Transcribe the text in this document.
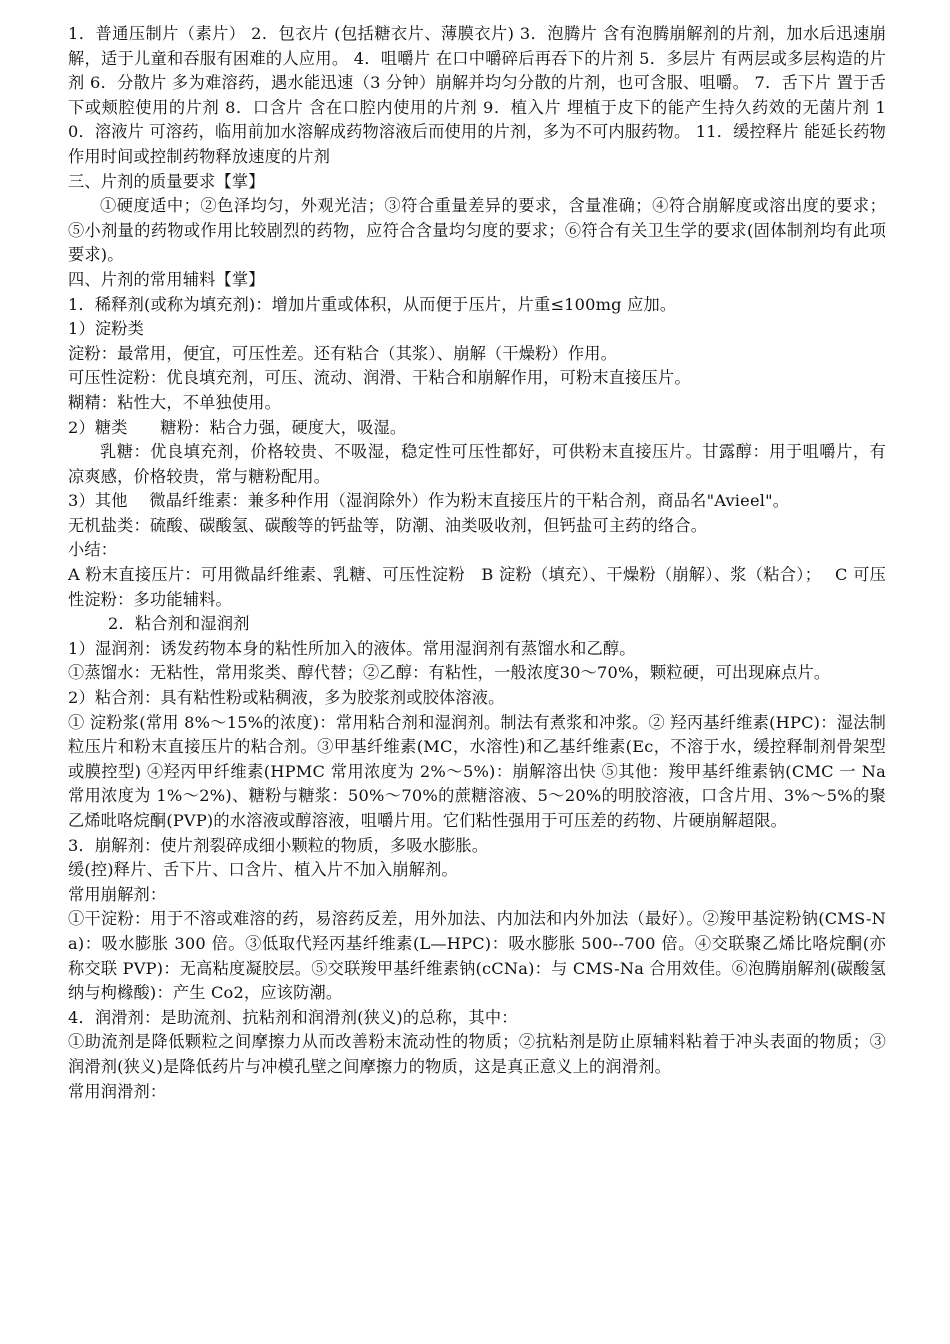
1．普通压制片（素片） 2．包衣片 (包括糖衣片、薄膜衣片) 3．泡腾片 含有泡腾崩解剂的片剂，加水后迅速崩解，适于儿童和吞服有困难的人应用。 4．咀嚼片 在口中嚼碎后再吞下的片剂 5．多层片 有两层或多层构造的片剂 6．分散片 多为难溶药，遇水能迅速（3 分钟）崩解并均匀分散的片剂，也可含服、咀嚼。 7．舌下片 置于舌下或颊腔使用的片剂 8．口含片 含在口腔内使用的片剂 9．植入片 埋植于皮下的能产生持久药效的无菌片剂 10．溶液片 可溶药，临用前加水溶解成药物溶液后而使用的片剂，多为不可内服药物。 11．缓控释片 能延长药物作用时间或控制药物释放速度的片剂

三、片剂的质量要求【掌】

①硬度适中；②色泽均匀，外观光洁；③符合重量差异的要求，含量准确；④符合崩解度或溶出度的要求；⑤小剂量的药物或作用比较剧烈的药物，应符合含量均匀度的要求；⑥符合有关卫生学的要求(固体制剂均有此项要求)。

四、片剂的常用辅料【掌】

1．稀释剂(或称为填充剂)：增加片重或体积，从而便于压片，片重≤100mg 应加。

1）淀粉类

淀粉：最常用，便宜，可压性差。还有粘合（其浆）、崩解（干燥粉）作用。

可压性淀粉：优良填充剂，可压、流动、润滑、干粘合和崩解作用，可粉末直接压片。

糊精：粘性大，不单独使用。

2）糖类　　糖粉：粘合力强，硬度大，吸湿。

乳糖：优良填充剂，价格较贵、不吸湿，稳定性可压性都好，可供粉末直接压片。甘露醇：用于咀嚼片，有凉爽感，价格较贵，常与糖粉配用。

3）其他　 微晶纤维素：兼多种作用（湿润除外）作为粉末直接压片的干粘合剂，商品名"Avieel"。

无机盐类：硫酸、碳酸氢、碳酸等的钙盐等，防潮、油类吸收剂，但钙盐可主药的络合。

小结：

A 粉末直接压片：可用微晶纤维素、乳糖、可压性淀粉　B 淀粉（填充）、干燥粉（崩解）、浆（粘合）；　 C 可压性淀粉：多功能辅料。

2．粘合剂和湿润剂

1）湿润剂：诱发药物本身的粘性所加入的液体。常用湿润剂有蒸馏水和乙醇。

①蒸馏水：无粘性，常用浆类、醇代替；②乙醇：有粘性，一般浓度30～70%，颗粒硬，可出现麻点片。

2）粘合剂：具有粘性粉或粘稠液，多为胶浆剂或胶体溶液。

① 淀粉浆(常用 8%～15%的浓度)：常用粘合剂和湿润剂。制法有煮浆和冲浆。② 羟丙基纤维素(HPC)：湿法制粒压片和粉末直接压片的粘合剂。③甲基纤维素(MC，水溶性)和乙基纤维素(Ec，不溶于水，缓控释制剂骨架型或膜控型) ④羟丙甲纤维素(HPMC 常用浓度为 2%～5%)：崩解溶出快 ⑤其他：羧甲基纤维素钠(CMC 一 Na 常用浓度为 1%～2%)、糖粉与糖浆：50%～70%的蔗糖溶液、5～20%的明胶溶液，口含片用、3%～5%的聚乙烯吡咯烷酮(PVP)的水溶液或醇溶液，咀嚼片用。它们粘性强用于可压差的药物、片硬崩解超限。

3．崩解剂：使片剂裂碎成细小颗粒的物质，多吸水膨胀。

缓(控)释片、舌下片、口含片、植入片不加入崩解剂。

常用崩解剂：

①干淀粉：用于不溶或难溶的药，易溶药反差，用外加法、内加法和内外加法（最好）。②羧甲基淀粉钠(CMS-Na)：吸水膨胀 300 倍。③低取代羟丙基纤维素(L—HPC)：吸水膨胀 500--700 倍。④交联聚乙烯比咯烷酮(亦称交联 PVP)：无高粘度凝胶层。⑤交联羧甲基纤维素钠(cCNa)：与 CMS-Na 合用效佳。⑥泡腾崩解剂(碳酸氢纳与枸橼酸)：产生 Co2，应该防潮。

4．润滑剂：是助流剂、抗粘剂和润滑剂(狭义)的总称，其中：

①助流剂是降低颗粒之间摩擦力从而改善粉末流动性的物质；②抗粘剂是防止原辅料粘着于冲头表面的物质；③润滑剂(狭义)是降低药片与冲模孔壁之间摩擦力的物质，这是真正意义上的润滑剂。

常用润滑剂：
